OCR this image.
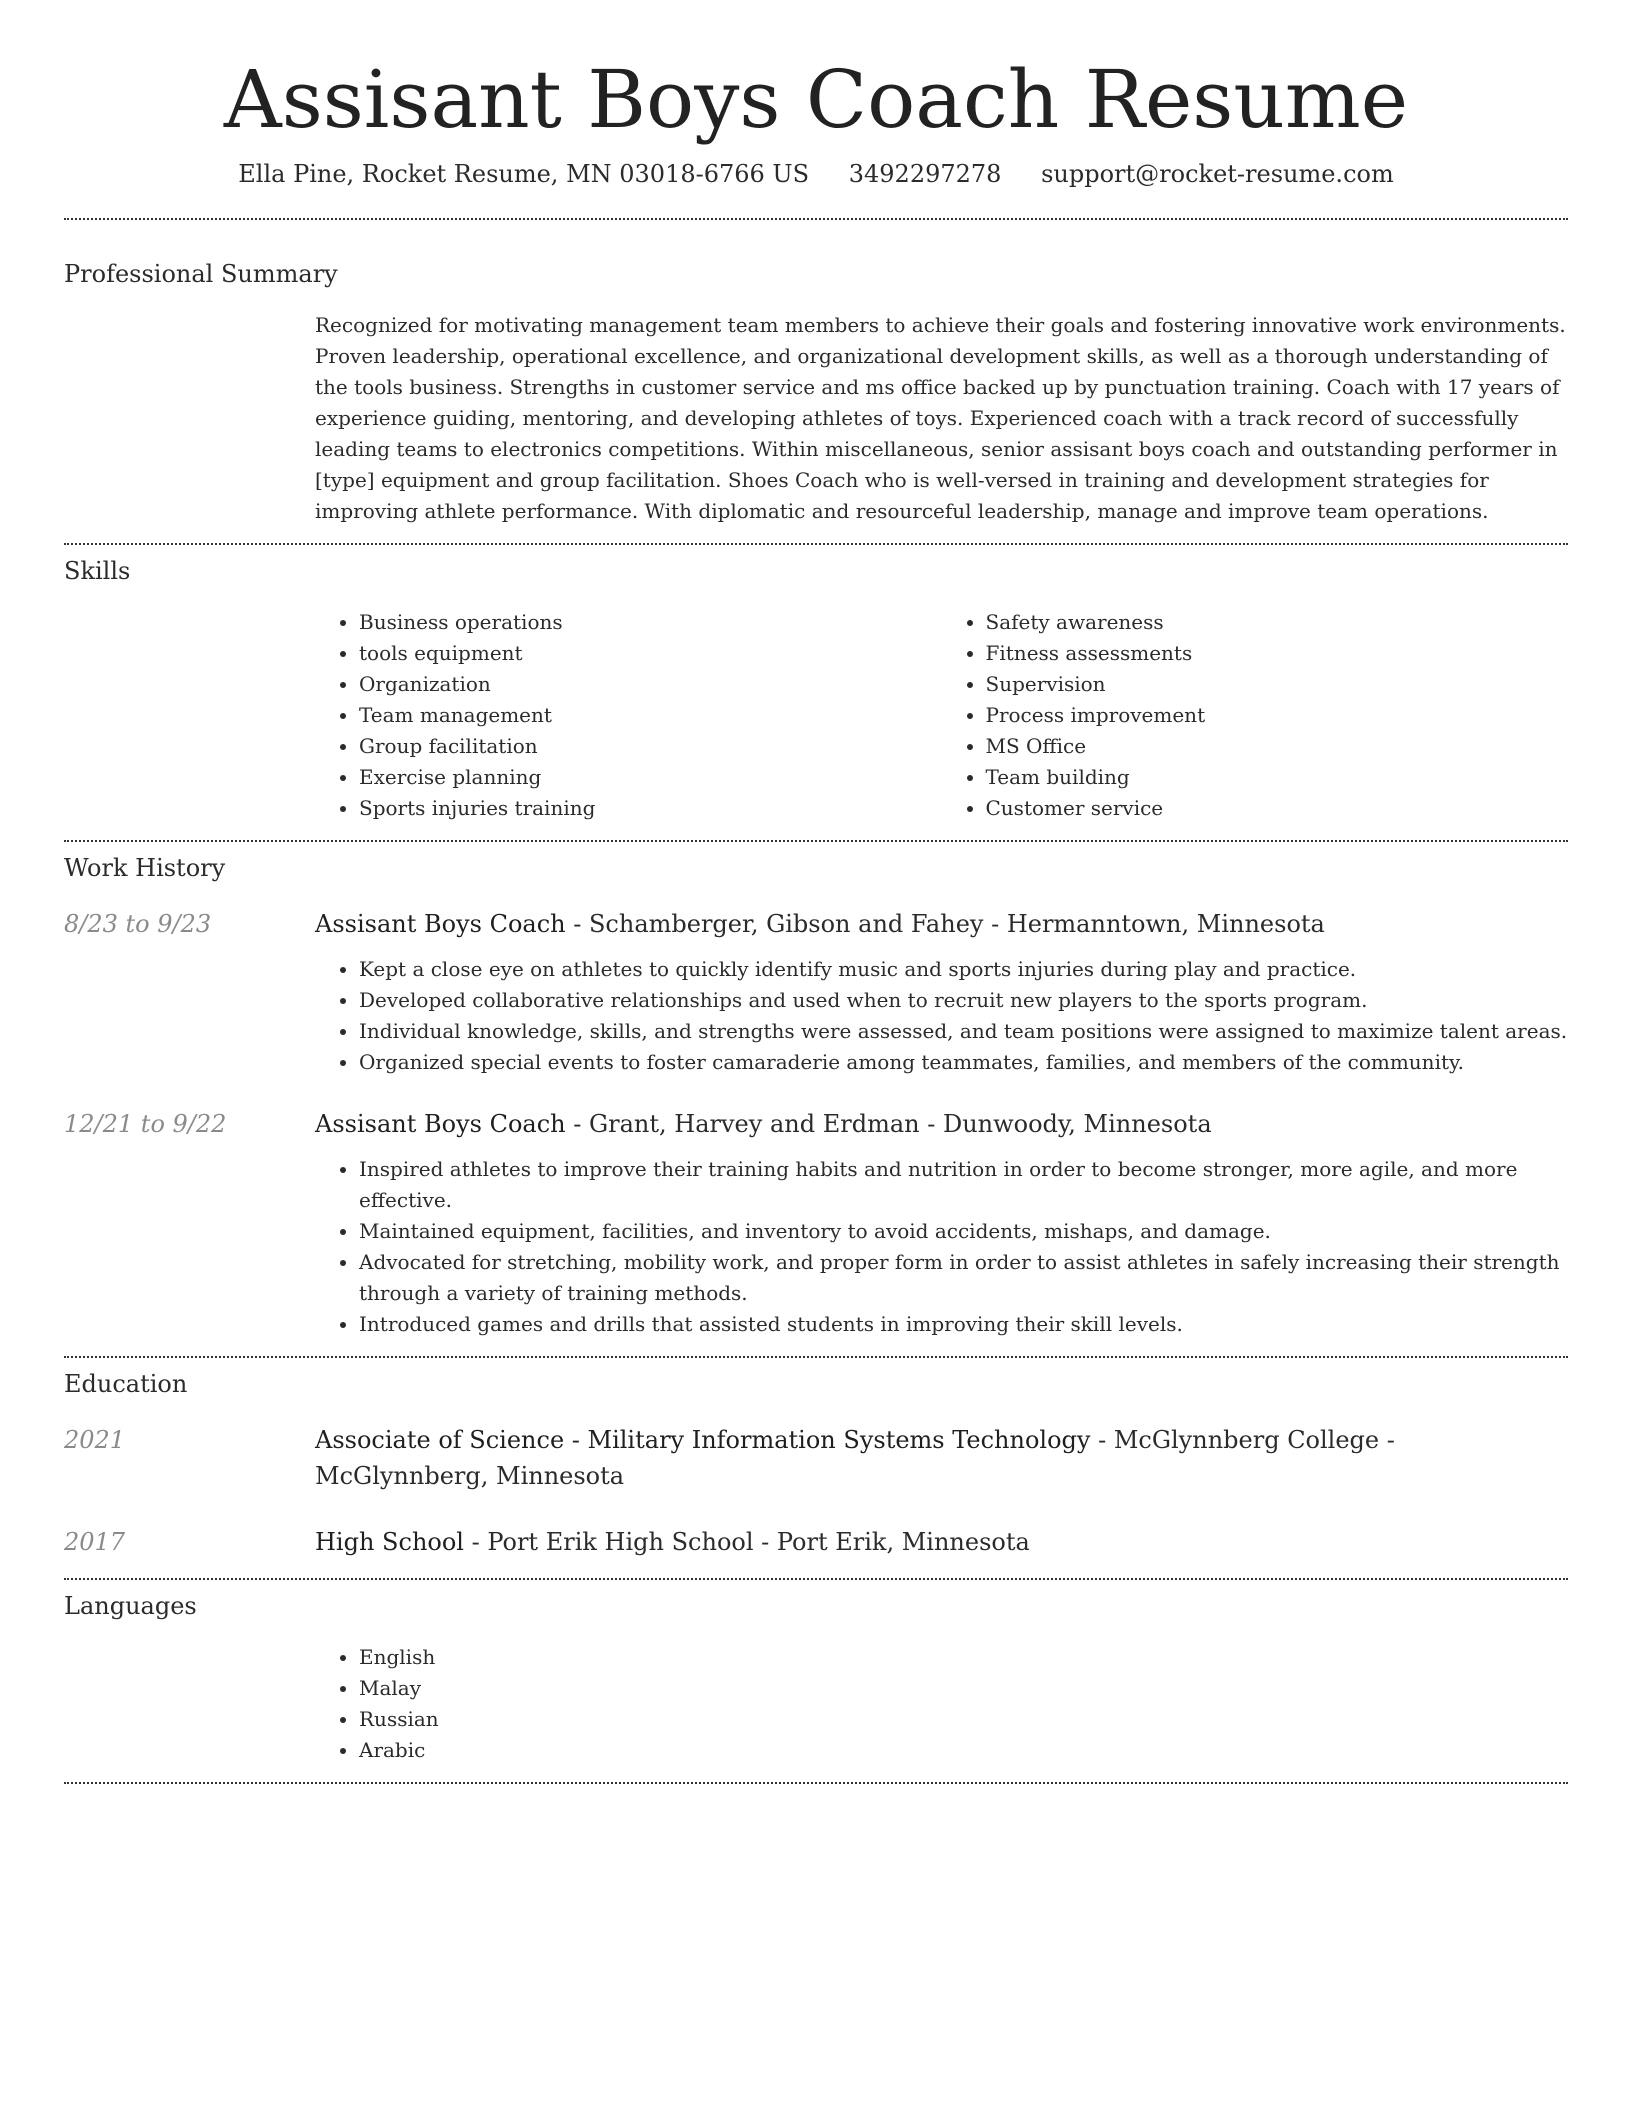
Assisant Boys Coach Resume
Ella Pine, Rocket Resume, MN 03018-6766 US 3492297278 support@rocket-resume.com
Professional Summary

Recognized for motivating management team members to achieve their goals and fostering innovative work environments. Proven leadership, operational excellence, and organizational development skills, as well as a thorough understanding of the tools business. Strengths in customer service and ms office backed up by punctuation training. Coach with 17 years of experience guiding, mentoring, and developing athletes of toys. Experienced coach with a track record of successfully leading teams to electronics competitions. Within miscellaneous, senior assisant boys coach and outstanding performer in [type] equipment and group facilitation. Shoes Coach who is well-versed in training and development strategies for improving athlete performance. With diplomatic and resourceful leadership, manage and improve team operations.

Skills
• Business operations
• tools equipment
• Organization
• Team management
• Group facilitation
• Exercise planning
• Sports injuries training
• Safety awareness
• Fitness assessments
• Supervision
• Process improvement
• MS Office
• Team building
• Customer service
Work History
8/23 to 9/23	Assisant Boys Coach - Schamberger, Gibson and Fahey - Hermanntown, Minnesota
• Kept a close eye on athletes to quickly identify music and sports injuries during play and practice.
• Developed collaborative relationships and used when to recruit new players to the sports program.
• Individual knowledge, skills, and strengths were assessed, and team positions were assigned to maximize talent areas.
• Organized special events to foster camaraderie among teammates, families, and members of the community.
12/21 to 9/22	Assisant Boys Coach - Grant, Harvey and Erdman - Dunwoody, Minnesota
• Inspired athletes to improve their training habits and nutrition in order to become stronger, more agile, and more effective.
• Maintained equipment, facilities, and inventory to avoid accidents, mishaps, and damage.
• Advocated for stretching, mobility work, and proper form in order to assist athletes in safely increasing their strength through a variety of training methods.
• Introduced games and drills that assisted students in improving their skill levels.
Education
2021	Associate of Science - Military Information Systems Technology - McGlynnberg College - McGlynnberg, Minnesota
2017	High School - Port Erik High School - Port Erik, Minnesota
Languages
• English
• Malay
• Russian
• Arabic
